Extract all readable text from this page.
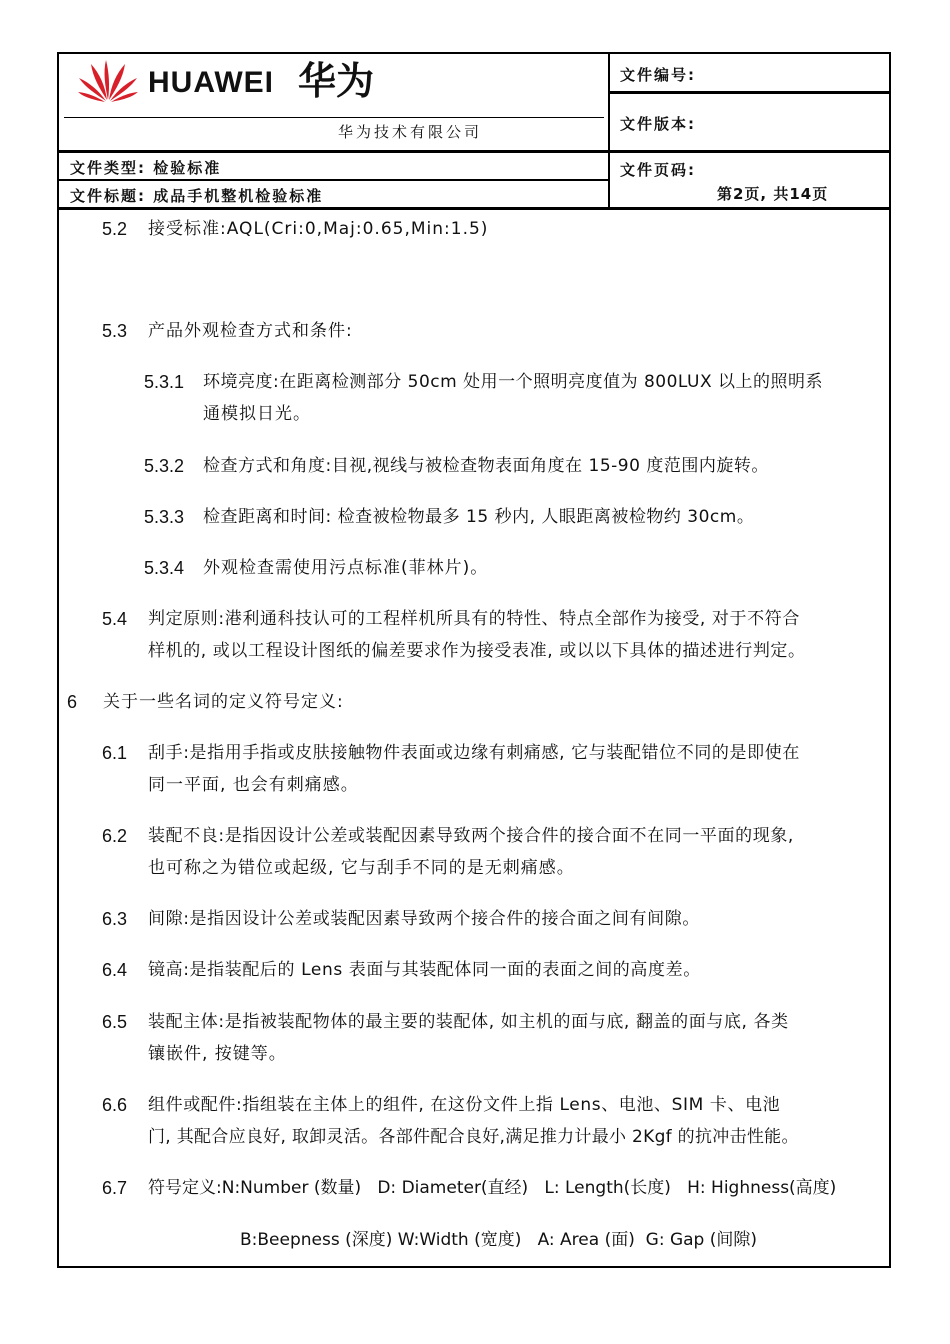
HUAWEI 华为
华为技术有限公司
文件编号:
文件版本:
文件类型: 检验标准
文件标题: 成品手机整机检验标准
文件页码:
第2页, 共14页
5.2 接受标准:AQL(Cri:0,Maj:0.65,Min:1.5)
5.3 产品外观检查方式和条件:
5.3.1 环境亮度:在距离检测部分 50cm 处用一个照明亮度值为 800LUX 以上的照明系
通模拟日光。
5.3.2 检查方式和角度:目视,视线与被检查物表面角度在 15-90 度范围内旋转。
5.3.3 检查距离和时间: 检查被检物最多 15 秒内, 人眼距离被检物约 30cm。
5.3.4 外观检查需使用污点标准(菲林片)。
5.4 判定原则:港利通科技认可的工程样机所具有的特性、特点全部作为接受, 对于不符合
样机的, 或以工程设计图纸的偏差要求作为接受表准, 或以以下具体的描述进行判定。
6 关于一些名词的定义符号定义:
6.1 刮手:是指用手指或皮肤接触物件表面或边缘有刺痛感, 它与装配错位不同的是即使在
同一平面, 也会有刺痛感。
6.2 装配不良:是指因设计公差或装配因素导致两个接合件的接合面不在同一平面的现象,
也可称之为错位或起级, 它与刮手不同的是无刺痛感。
6.3 间隙:是指因设计公差或装配因素导致两个接合件的接合面之间有间隙。
6.4 镜高:是指装配后的 Lens 表面与其装配体同一面的表面之间的高度差。
6.5 装配主体:是指被装配物体的最主要的装配体, 如主机的面与底, 翻盖的面与底, 各类
镶嵌件, 按键等。
6.6 组件或配件:指组装在主体上的组件, 在这份文件上指 Lens、电池、SIM 卡、电池
门, 其配合应良好, 取卸灵活。各部件配合良好,满足推力计最小 2Kgf 的抗冲击性能。
6.7 符号定义:N:Number (数量)   D: Diameter(直经)   L: Length(长度)   H: Highness(高度)
B:Beepness (深度) W:Width (宽度)   A: Area (面)  G: Gap (间隙)
